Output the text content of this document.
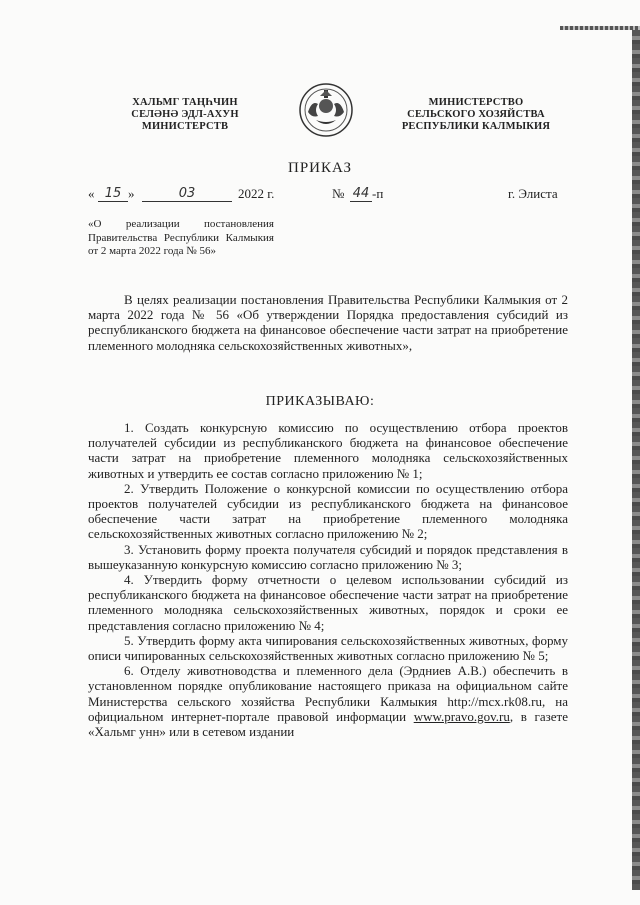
ХАЛЬМГ ТАҢҺЧИН
СЕЛӘНӘ ЭДЛ-АХУН
МИНИСТЕРСТВ
МИНИСТЕРСТВО
СЕЛЬСКОГО ХОЗЯЙСТВА
РЕСПУБЛИКИ КАЛМЫКИЯ
ПРИКАЗ
« 15 »	03	2022 г.	№ 44 -п	г. Элиста
«О реализации постановления Правительства Республики Калмыкия от 2 марта 2022 года № 56»

В целях реализации постановления Правительства Республики Калмыкия от 2 марта 2022 года № 56 «Об утверждении Порядка предоставления субсидий из республиканского бюджета на финансовое обеспечение части затрат на приобретение племенного молодняка сельскохозяйственных животных»,

ПРИКАЗЫВАЮ:

1. Создать конкурсную комиссию по осуществлению отбора проектов получателей субсидии из республиканского бюджета на финансовое обеспечение части затрат на приобретение племенного молодняка сельскохозяйственных животных и утвердить ее состав согласно приложению № 1;

2. Утвердить Положение о конкурсной комиссии по осуществлению отбора проектов получателей субсидии из республиканского бюджета на финансовое обеспечение части затрат на приобретение племенного молодняка сельскохозяйственных животных согласно приложению № 2;

3. Установить форму проекта получателя субсидий и порядок представления в вышеуказанную конкурсную комиссию согласно приложению № 3;

4. Утвердить форму отчетности о целевом использовании субсидий из республиканского бюджета на финансовое обеспечение части затрат на приобретение племенного молодняка сельскохозяйственных животных, порядок и сроки ее представления согласно приложению № 4;

5. Утвердить форму акта чипирования сельскохозяйственных животных, форму описи чипированных сельскохозяйственных животных согласно приложению № 5;

6. Отделу животноводства и племенного дела (Эрдниев А.В.) обеспечить в установленном порядке опубликование настоящего приказа на официальном сайте Министерства сельского хозяйства Республики Калмыкия http://mcx.rk08.ru, на официальном интернет-портале правовой информации www.pravo.gov.ru, в газете «Хальмг унн» или в сетевом издании
